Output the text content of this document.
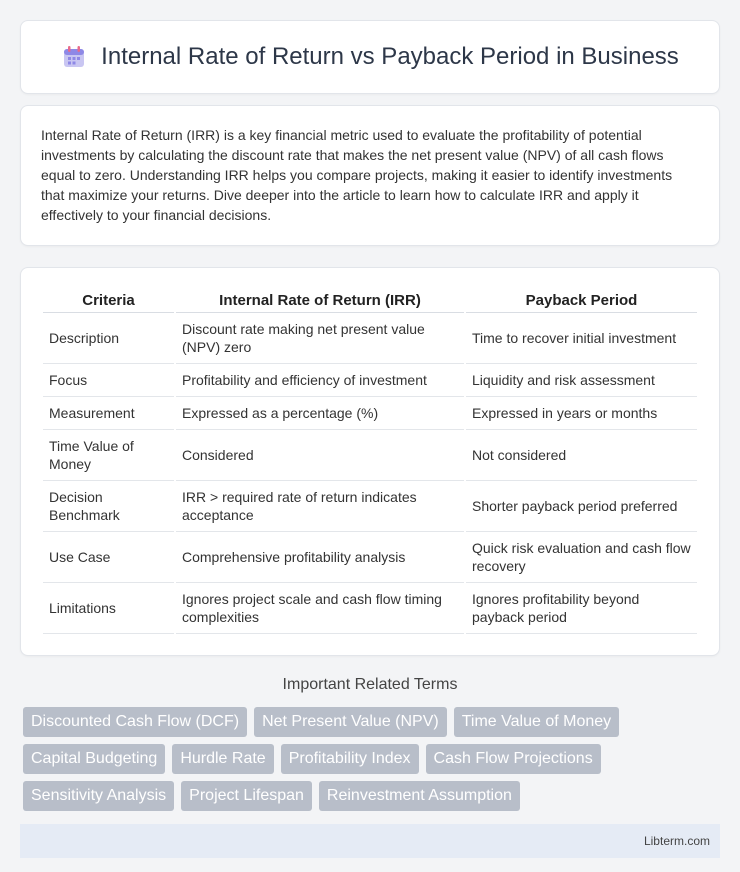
Internal Rate of Return vs Payback Period in Business

Internal Rate of Return (IRR) is a key financial metric used to evaluate the profitability of potential investments by calculating the discount rate that makes the net present value (NPV) of all cash flows equal to zero. Understanding IRR helps you compare projects, making it easier to identify investments that maximize your returns. Dive deeper into the article to learn how to calculate IRR and apply it effectively to your financial decisions.

Criteria	Internal Rate of Return (IRR)	Payback Period
Description	Discount rate making net present value (NPV) zero	Time to recover initial investment
Focus	Profitability and efficiency of investment	Liquidity and risk assessment
Measurement	Expressed as a percentage (%)	Expressed in years or months
Time Value of Money	Considered	Not considered
Decision Benchmark	IRR > required rate of return indicates acceptance	Shorter payback period preferred
Use Case	Comprehensive profitability analysis	Quick risk evaluation and cash flow recovery
Limitations	Ignores project scale and cash flow timing complexities	Ignores profitability beyond payback period
Important Related Terms
Discounted Cash Flow (DCF)	Net Present Value (NPV)	Time Value of Money
Capital Budgeting	Hurdle Rate	Profitability Index	Cash Flow Projections
Sensitivity Analysis	Project Lifespan	Reinvestment Assumption
Libterm.com
